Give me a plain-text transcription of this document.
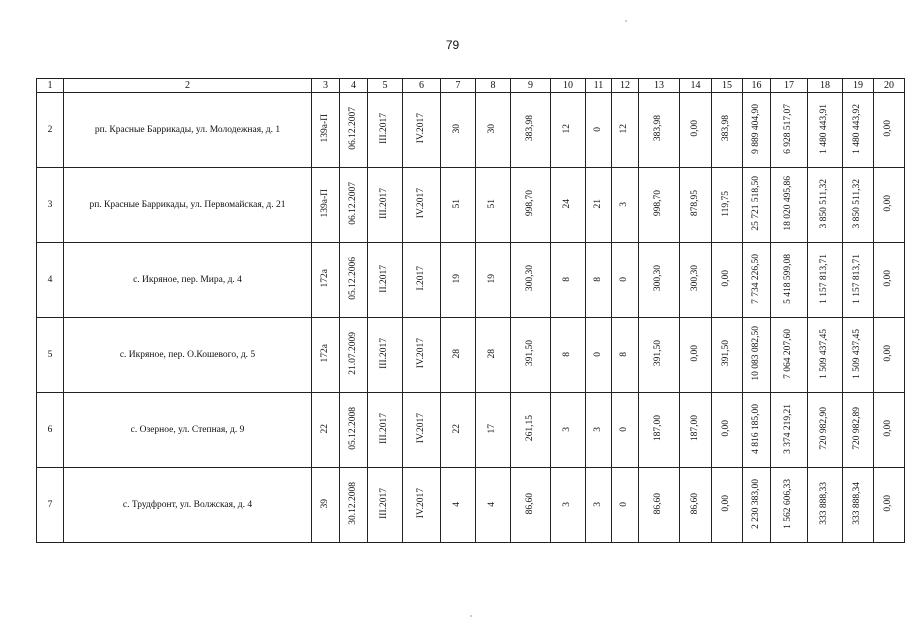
79
1	2	3	4	5	6	7	8	9	10	11	12	13	14	15	16	17	18	19	20
2	рп. Красные Баррикады, ул. Молодежная, д. 1	139а-П	06.12.2007	III.2017	IV.2017	30	30	383,98	12	0	12	383,98	0,00	383,98	9 889 404,90	6 928 517,07	1 480 443,91	1 480 443,92	0,00
3	рп. Красные Баррикады, ул. Первомайская, д. 21	139а-П	06.12.2007	III.2017	IV.2017	51	51	998,70	24	21	3	998,70	878,95	119,75	25 721 518,50	18 020 495,86	3 850 511,32	3 850 511,32	0,00
4	с. Икряное, пер. Мира, д. 4	172а	05.12.2006	II.2017	I.2017	19	19	300,30	8	8	0	300,30	300,30	0,00	7 734 226,50	5 418 599,08	1 157 813,71	1 157 813,71	0,00
5	с. Икряное, пер. О.Кошевого, д. 5	172а	21.07.2009	III.2017	IV.2017	28	28	391,50	8	0	8	391,50	0,00	391,50	10 083 082,50	7 064 207,60	1 509 437,45	1 509 437,45	0,00
6	с. Озерное, ул. Степная, д. 9	22	05.12.2008	III.2017	IV.2017	22	17	261,15	3	3	0	187,00	187,00	0,00	4 816 185,00	3 374 219,21	720 982,90	720 982,89	0,00
7	с. Трудфронт, ул. Волжская, д. 4	39	30.12.2008	III.2017	IV.2017	4	4	86,60	3	3	0	86,60	86,60	0,00	2 230 383,00	1 562 606,33	333 888,33	333 888,34	0,00
